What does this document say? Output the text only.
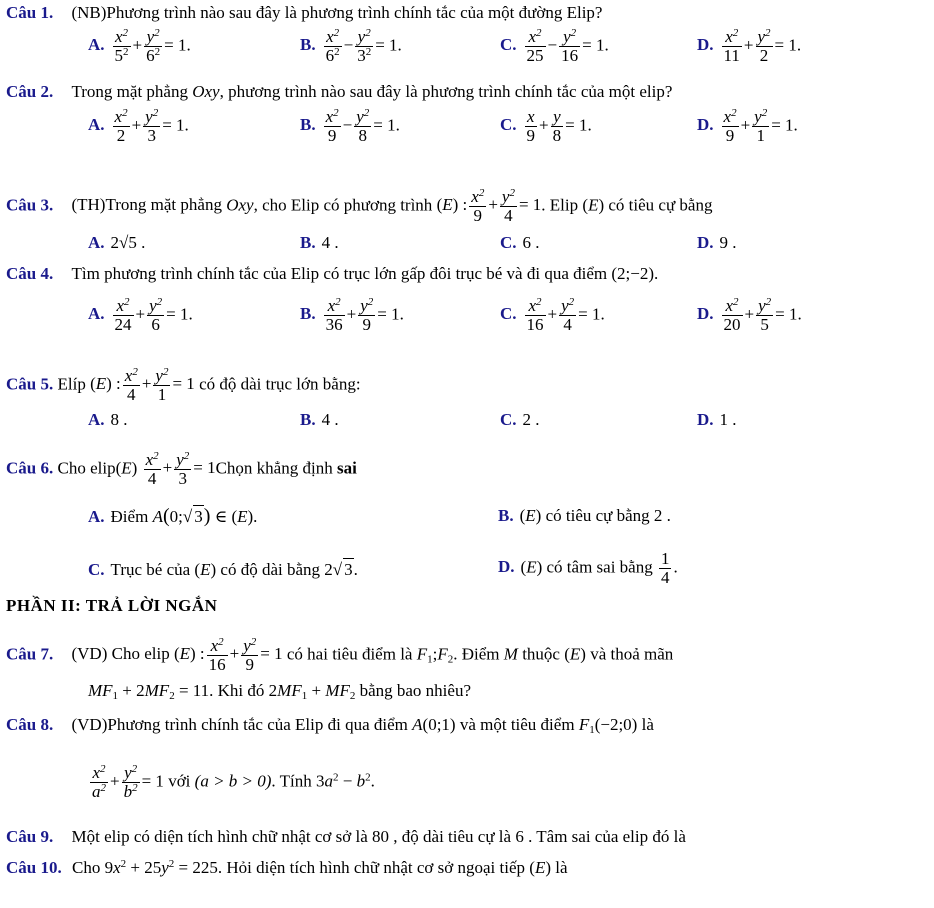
Câu 1. (NB)Phương trình nào sau đây là phương trình chính tắc của một đường Elip?
A. $\frac{x^2}{5^2} + \frac{y^2}{6^2} = 1$.	B. $\frac{x^2}{6^2} - \frac{y^2}{3^2} = 1$.	C. $\frac{x^2}{25} - \frac{y^2}{16} = 1$.	D. $\frac{x^2}{11} + \frac{y^2}{2} = 1$.
Câu 2. Trong mặt phẳng Oxy, phương trình nào sau đây là phương trình chính tắc của một elip?
A. $\frac{x^2}{2} + \frac{y^2}{3} = 1$.	B. $\frac{x^2}{9} - \frac{y^2}{8} = 1$.	C. $\frac{x}{9} + \frac{y}{8} = 1$.	D. $\frac{x^2}{9} + \frac{y^2}{1} = 1$.
Câu 3. (TH)Trong mặt phẳng Oxy, cho Elip có phương trình (E) : $\frac{x^2}{9} + \frac{y^2}{4} = 1$. Elip (E) có tiêu cự bằng
A. 2√5 .	B. 4 .	C. 6 .	D. 9 .
Câu 4. Tìm phương trình chính tắc của Elip có trục lớn gấp đôi trục bé và đi qua điểm (2;−2).
A. $\frac{x^2}{24} + \frac{y^2}{6} = 1$.	B. $\frac{x^2}{36} + \frac{y^2}{9} = 1$.	C. $\frac{x^2}{16} + \frac{y^2}{4} = 1$.	D. $\frac{x^2}{20} + \frac{y^2}{5} = 1$.
Câu 5. Elíp (E) : $\frac{x^2}{4} + \frac{y^2}{1} = 1$ có độ dài trục lớn bằng:
A. 8 .	B. 4 .	C. 2 .	D. 1 .
Câu 6. Cho elip(E) $\frac{x^2}{4} + \frac{y^2}{3}$ = 1Chọn khẳng định sai
A. Điểm A(0;√ 3) ∈ (E).	B. (E) có tiêu cự bằng 2 .
C. Trục bé của (E) có độ dài bằng 2√ 3.	D. (E) có tâm sai bằng $\frac{1}{4}$ .
PHẦN II: TRẢ LỜI NGẮN
Câu 7. (VD) Cho elip (E) : $\frac{x^2}{16} + \frac{y^2}{9} = 1$ có hai tiêu điểm là $F_1;F_2$. Điểm M thuộc (E) và thoả mãn
$MF_1 + 2MF_2 = 11$. Khi đó $2MF_1 + MF_2$ bằng bao nhiêu?
Câu 8. (VD)Phương trình chính tắc của Elip đi qua điểm A(0;1) và một tiêu điểm $F_1(-2;0)$ là
$\frac{x^2}{a^2} + \frac{y^2}{b^2} = 1$ với (a > b > 0). Tính $3a^2 - b^2$.
Câu 9. Một elip có diện tích hình chữ nhật cơ sở là 80 , độ dài tiêu cự là 6 . Tâm sai của elip đó là
Câu 10. Cho $9x^2 + 25y^2 = 225$. Hỏi diện tích hình chữ nhật cơ sở ngoại tiếp (E) là
